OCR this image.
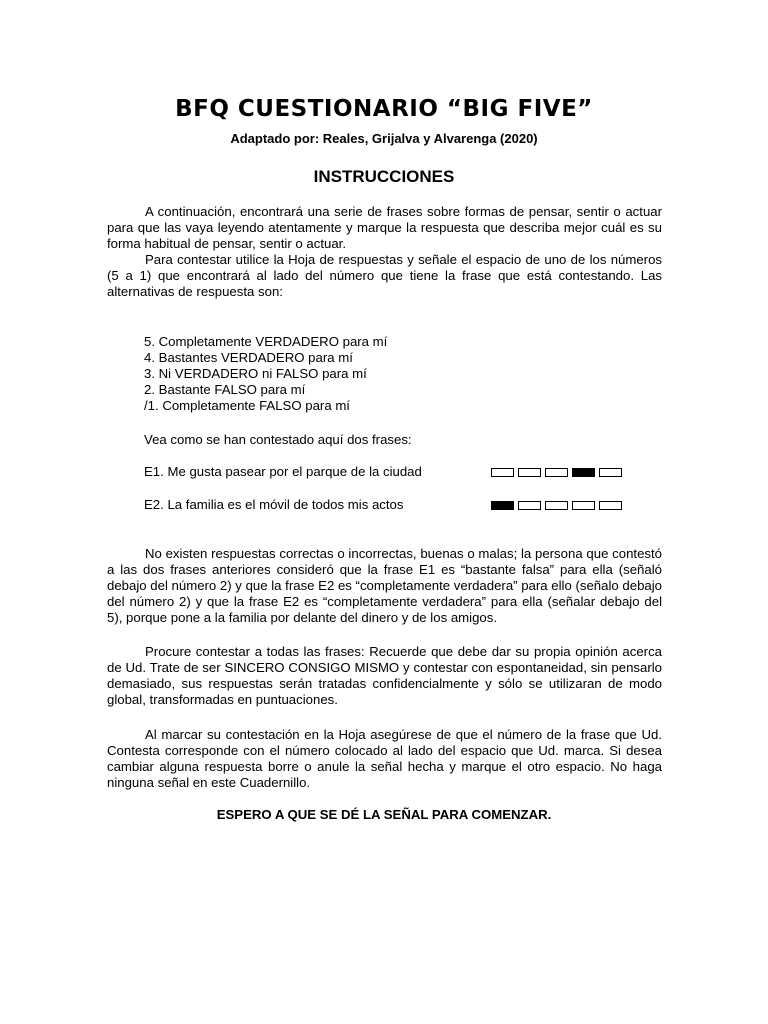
BFQ CUESTIONARIO “BIG FIVE”
Adaptado por: Reales, Grijalva y Alvarenga (2020)
INSTRUCCIONES

A continuación, encontrará una serie de frases sobre formas de pensar, sentir o actuar para que las vaya leyendo atentamente y marque la respuesta que describa mejor cuál es su forma habitual de pensar, sentir o actuar.

Para contestar utilice la Hoja de respuestas y señale el espacio de uno de los números (5 a 1) que encontrará al lado del número que tiene la frase que está contestando. Las alternativas de respuesta son:

5. Completamente VERDADERO para mí
4. Bastantes VERDADERO para mí
3. Ni VERDADERO ni FALSO para mí
2. Bastante FALSO para mí
/1. Completamente FALSO para mí
Vea como se han contestado aquí dos frases:
E1. Me gusta pasear por el parque de la ciudad
E2. La familia es el móvil de todos mis actos

No existen respuestas correctas o incorrectas, buenas o malas; la persona que contestó a las dos frases anteriores consideró que la frase E1 es “bastante falsa” para ella (señaló debajo del número 2) y que la frase E2 es “completamente verdadera” para ello (señalo debajo del número 2) y que la frase E2 es “completamente verdadera” para ella (señalar debajo del 5), porque pone a la familia por delante del dinero y de los amigos.

Procure contestar a todas las frases: Recuerde que debe dar su propia opinión acerca de Ud. Trate de ser SINCERO CONSIGO MISMO y contestar con espontaneidad, sin pensarlo demasiado, sus respuestas serán tratadas confidencialmente y sólo se utilizaran de modo global, transformadas en puntuaciones.

Al marcar su contestación en la Hoja asegúrese de que el número de la frase que Ud. Contesta corresponde con el número colocado al lado del espacio que Ud. marca. Si desea cambiar alguna respuesta borre o anule la señal hecha y marque el otro espacio. No haga ninguna señal en este Cuadernillo.

ESPERO A QUE SE DÉ LA SEÑAL PARA COMENZAR.
